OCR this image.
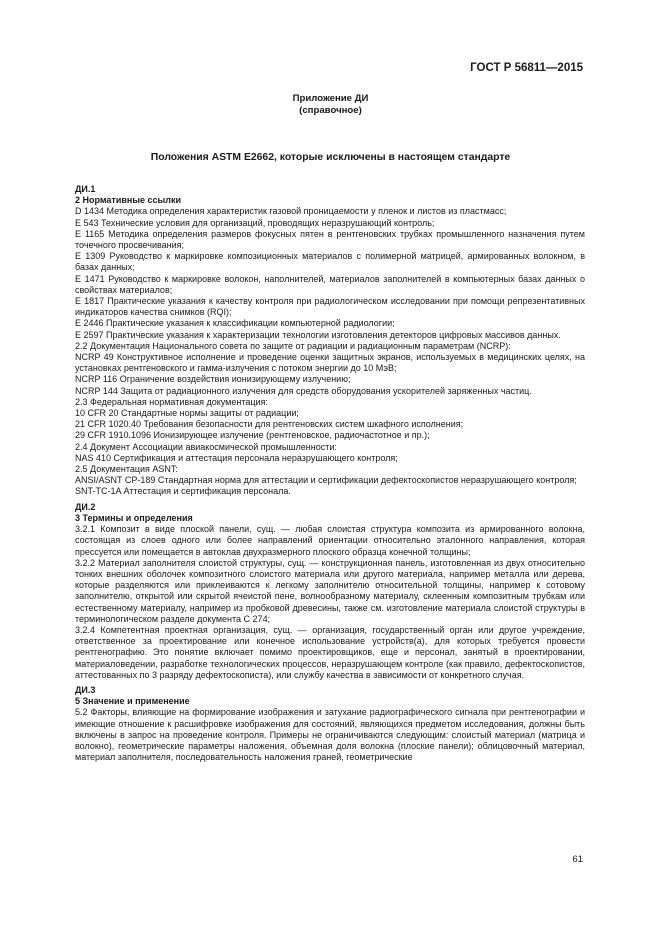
ГОСТ Р 56811—2015
Приложение ДИ
(справочное)
Положения ASTM E2662, которые исключены в настоящем стандарте

ДИ.1

2 Нормативные ссылки

D 1434 Методика определения характеристик газовой проницаемости у пленок и листов из пластмасс;

E 543 Технические условия для организаций, проводящих неразрушающий контроль;

E 1165 Методика определения размеров фокусных пятен в рентгеновских трубках промышленного назначения путем точечного просвечивания;

E 1309 Руководство к маркировке композиционных материалов с полимерной матрицей, армированных волокном, в базах данных;

E 1471 Руководство к маркировке волокон, наполнителей, материалов заполнителей в компьютерных базах данных о свойствах материалов;

E 1817 Практические указания к качеству контроля при радиологическом исследовании при помощи репрезентативных индикаторов качества снимков (RQI);

E 2446 Практические указания к классификации компьютерной радиологии;

E 2597 Практические указания к характеризации технологии изготовления детекторов цифровых массивов данных.

2.2 Документация Национального совета по защите от радиации и радиационным параметрам (NCRP):

NCRP 49 Конструктивное исполнение и проведение оценки защитных экранов, используемых в медицинских целях, на установках рентгеновского и гамма-излучения с потоком энергии до 10 МэВ;

NCRP 116 Ограничение воздействия ионизирующему излучению;

NCRP 144 Защита от радиационного излучения для средств оборудования ускорителей заряженных частиц.

2.3 Федеральная нормативная документация:

10 CFR 20 Стандартные нормы защиты от радиации;

21 CFR 1020.40 Требования безопасности для рентгеновских систем шкафного исполнения;

29 CFR 1910.1096 Ионизирующее излучение (рентгеновское, радиочастотное и пр.);

2.4 Документ Ассоциации авиакосмической промышленности:

NAS 410 Сертификация и аттестация персонала неразрушающего контроля;

2.5 Документация ASNT:

ANSI/ASNT CP-189 Стандартная норма для аттестации и сертификации дефектоскопистов неразрушающего контроля;

SNT-TC-1A Аттестация и сертификация персонала.

ДИ.2

3 Термины и определения

3.2.1 Композит в виде плоской панели, сущ. — любая слоистая структура композита из армированного волокна, состоящая из слоев одного или более направлений ориентации относительно эталонного направления, которая прессуется или помещается в автоклав двухразмерного плоского образца конечной толщины;

3.2.2 Материал заполнителя слоистой структуры, сущ. — конструкционная панель, изготовленная из двух относительно тонких внешних оболочек композитного слоистого материала или другого материала, например металла или дерева, которые разделяются или приклеиваются к легкому заполнителю относительной толщины, например к сотовому заполнителю, открытой или скрытой ячеистой пене, волнообразному материалу, склеенным композитным трубкам или естественному материалу, например из пробковой древесины, также см. изготовление материала слоистой структуры в терминологическом разделе документа С 274;

3.2.4 Компетентная проектная организация, сущ. — организация, государственный орган или другое учреждение, ответственное за проектирование или конечное использование устройств(а), для которых требуется провести рентгенографию. Это понятие включает помимо проектировщиков, еще и персонал, занятый в проектировании, материаловедении, разработке технологических процессов, неразрушающем контроле (как правило, дефектоскопистов, аттестованных по 3 разряду дефектоскописта), или службу качества в зависимости от конкретного случая.

ДИ.3

5 Значение и применение

5.2 Факторы, влияющие на формирование изображения и затухание радиографического сигнала при рентгенографии и имеющие отношение к расшифровке изображения для состояний, являющихся предметом исследования, должны быть включены в запрос на проведение контроля. Примеры не ограничиваются следующим: слоистый материал (матрица и волокно), геометрические параметры наложения, объемная доля волокна (плоские панели); облицовочный материал, материал заполнителя, последовательность наложения граней, геометрические

61
